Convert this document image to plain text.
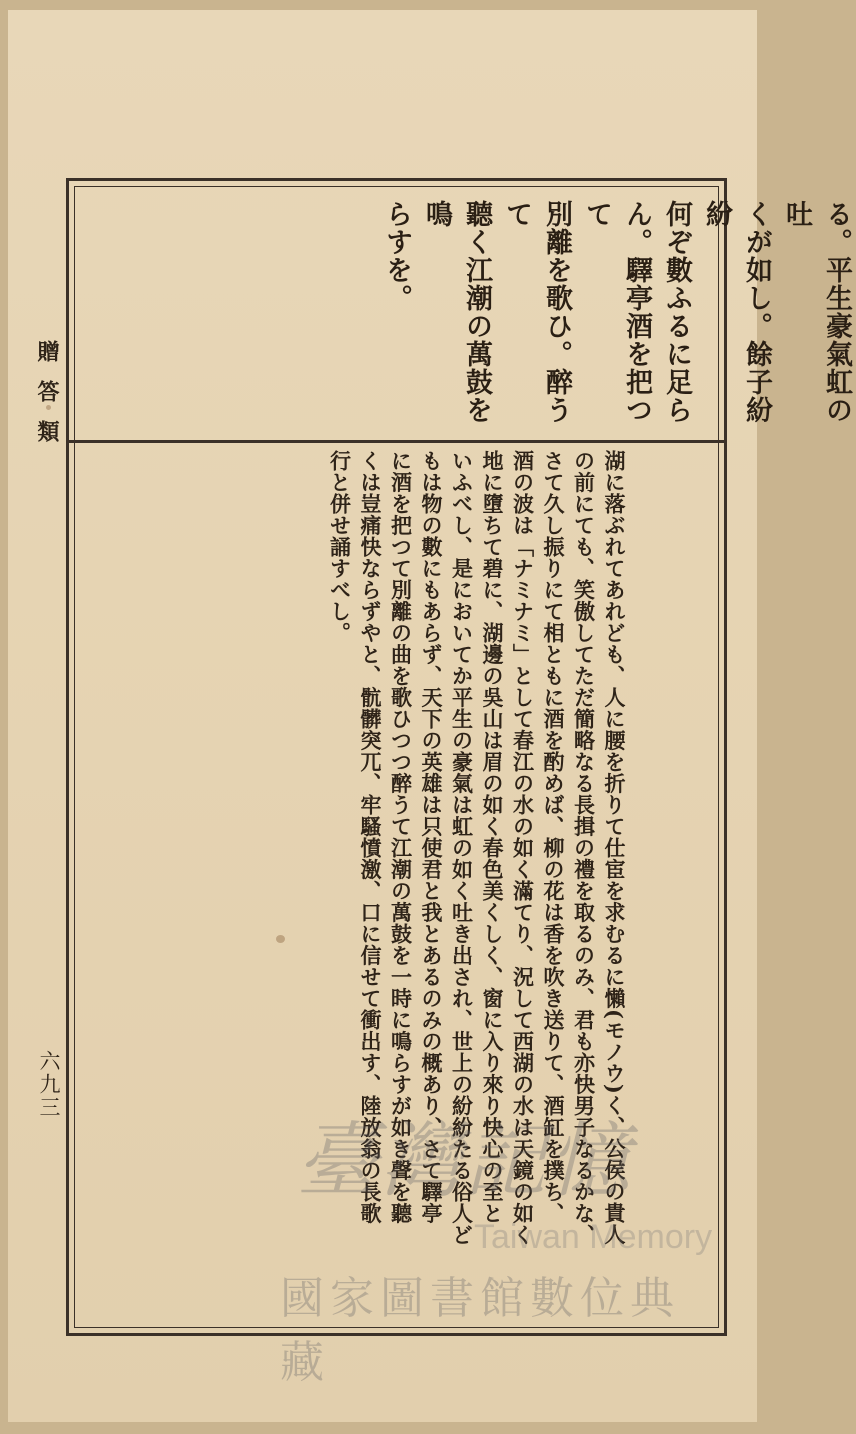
贈答類
六九三
る。平生豪氣虹の吐
くが如し。餘子紛紛
何ぞ數ふるに足ら
ん。驛亭酒を把つて
別離を歌ひ。醉うて
聽く江潮の萬鼓を鳴
らすを。
湖に落ぶれてあれども、人に腰を折りて仕宦を求むるに懶(モノウ)く、公侯の貴人
の前にても、笑傲してただ簡略なる長揖の禮を取るのみ、君も亦快男子なるかな、
さて久し振りにて相ともに酒を酌めば、柳の花は香を吹き送りて、酒缸を撲ち、
酒の波は「ナミナミ」として春江の水の如く滿てり、況して西湖の水は天鏡の如く
地に墮ちて碧に、湖邊の吳山は眉の如く春色美くしく、窗に入り來り快心の至と
いふべし、是においてか平生の豪氣は虹の如く吐き出され、世上の紛紛たる俗人ど
もは物の數にもあらず、天下の英雄は只使君と我とあるのみの概あり、さて驛亭
に酒を把つて別離の曲を歌ひつつ醉うて江潮の萬鼓を一時に鳴らすが如き聲を聽
くは豈痛快ならずやと、骯髒突兀、牢騷憤激、口に信せて衝出す、陸放翁の長歌
行と併せ誦すべし。
臺灣記憶
Taiwan Memory
國家圖書館數位典藏
